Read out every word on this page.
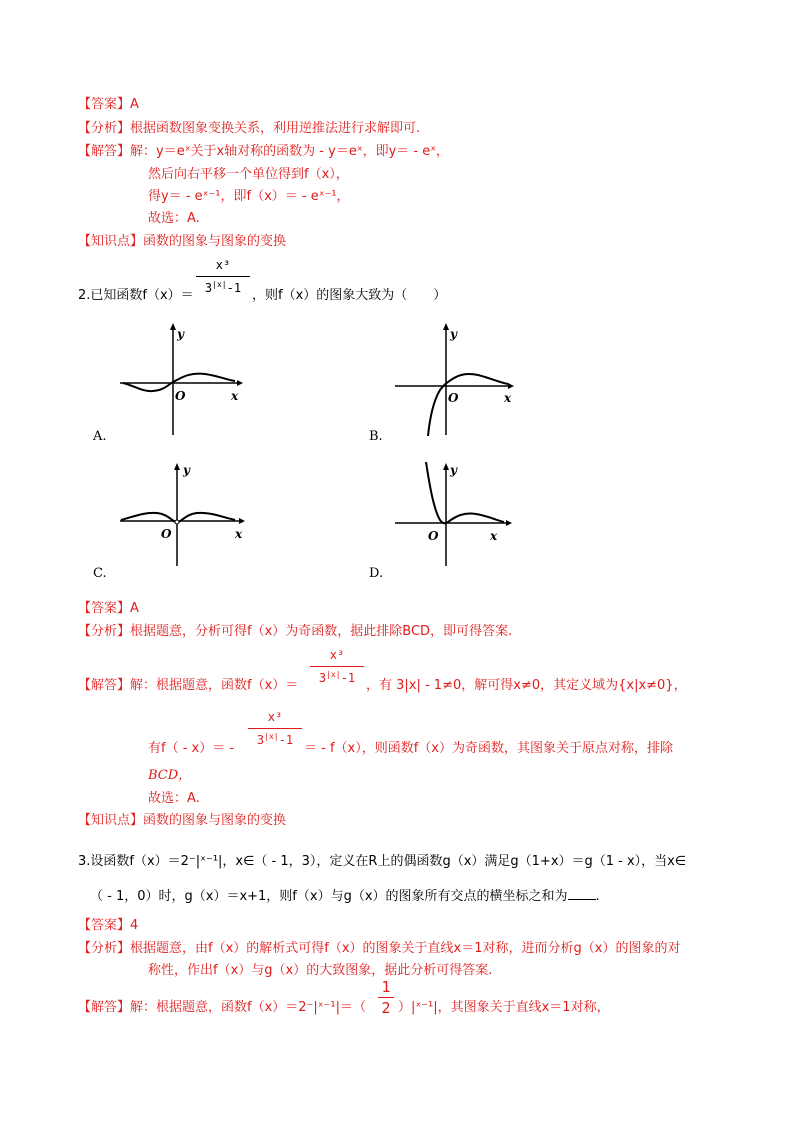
【答案】A
【分析】根据函数图象变换关系，利用逆推法进行求解即可.
【解答】解：y＝eˣ关于x轴对称的函数为 - y＝eˣ，即y＝ - eˣ，
然后向右平移一个单位得到f（x），
得y＝ - eˣ⁻¹，即f（x）＝ - eˣ⁻¹，
故选：A.
【知识点】函数的图象与图象的变换
2.已知函数f（x）＝
x³
$3^{|x|}-1$ ，则f（x）的图象大致为（　　）
y
x
O
A.
y
x
O
B.
y
x
O
C.
y
x
O
D.
【答案】A
【分析】根据题意，分析可得f（x）为奇函数，据此排除BCD，即可得答案.
【解答】解：根据题意，函数f（x）＝
x³
$3^{|x|}-1$ ，有 3|x| - 1≠0，解可得x≠0，其定义域为{x|x≠0}，
有f（ - x）＝ -
x³
$3^{|x|}-1$
＝ - f（x），则函数f（x）为奇函数，其图象关于原点对称，排除
BCD，
故选：A.
【知识点】函数的图象与图象的变换
3.设函数f（x）＝2⁻|ˣ⁻¹|，x∈（ - 1，3），定义在R上的偶函数g（x）满足g（1+x）＝g（1 - x），当x∈
（ - 1，0）时，g（x）＝x+1，则f（x）与g（x）的图象所有交点的横坐标之和为 .
【答案】4
【分析】根据题意，由f（x）的解析式可得f（x）的图象关于直线x＝1对称，进而分析g（x）的图象的对
称性，作出f（x）与g（x）的大致图象，据此分析可得答案.
【解答】解：根据题意，函数f（x）＝2⁻|ˣ⁻¹|＝（
1
2 ）|ˣ⁻¹|，其图象关于直线x＝1对称，
